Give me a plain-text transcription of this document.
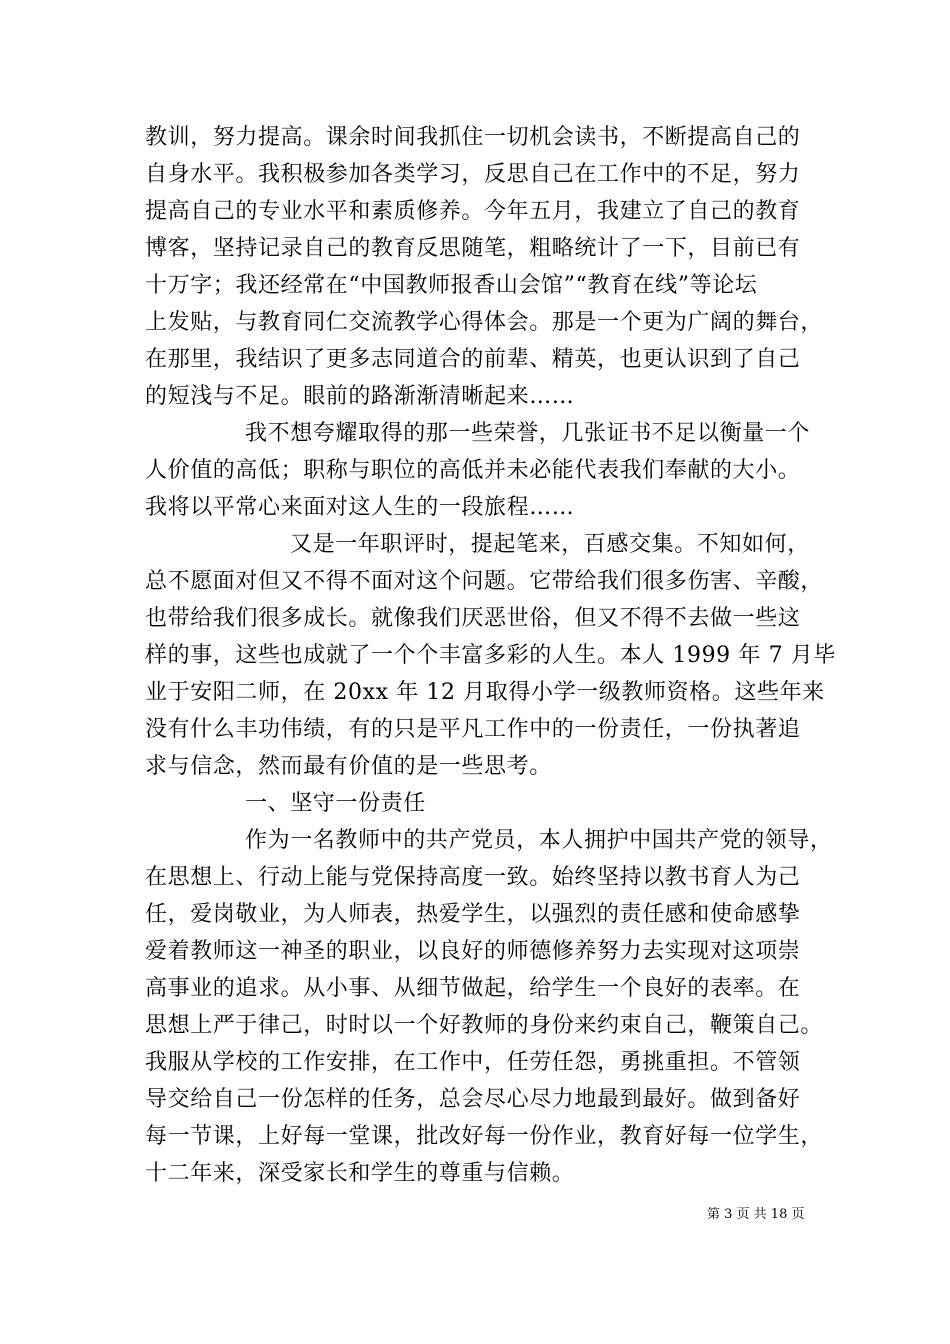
教训，努力提高。课余时间我抓住一切机会读书，不断提高自己的
自身水平。我积极参加各类学习，反思自己在工作中的不足，努力
提高自己的专业水平和素质修养。今年五月，我建立了自己的教育
博客，坚持记录自己的教育反思随笔，粗略统计了一下，目前已有
十万字；我还经常在“中国教师报香山会馆”“教育在线”等论坛
上发贴，与教育同仁交流教学心得体会。那是一个更为广阔的舞台，
在那里，我结识了更多志同道合的前辈、精英，也更认识到了自己
的短浅与不足。眼前的路渐渐清晰起来……
我不想夸耀取得的那一些荣誉，几张证书不足以衡量一个
人价值的高低；职称与职位的高低并未必能代表我们奉献的大小。
我将以平常心来面对这人生的一段旅程……
又是一年职评时，提起笔来，百感交集。不知如何，
总不愿面对但又不得不面对这个问题。它带给我们很多伤害、辛酸，
也带给我们很多成长。就像我们厌恶世俗，但又不得不去做一些这
样的事，这些也成就了一个个丰富多彩的人生。本人 1999 年 7 月毕
业于安阳二师，在 20xx 年 12 月取得小学一级教师资格。这些年来
没有什么丰功伟绩，有的只是平凡工作中的一份责任，一份执著追
求与信念，然而最有价值的是一些思考。
一、坚守一份责任
作为一名教师中的共产党员，本人拥护中国共产党的领导，
在思想上、行动上能与党保持高度一致。始终坚持以教书育人为己
任，爱岗敬业，为人师表，热爱学生，以强烈的责任感和使命感挚
爱着教师这一神圣的职业，以良好的师德修养努力去实现对这项崇
高事业的追求。从小事、从细节做起，给学生一个良好的表率。在
思想上严于律己，时时以一个好教师的身份来约束自己，鞭策自己。
我服从学校的工作安排，在工作中，任劳任怨，勇挑重担。不管领
导交给自己一份怎样的任务，总会尽心尽力地最到最好。做到备好
每一节课，上好每一堂课，批改好每一份作业，教育好每一位学生，
十二年来，深受家长和学生的尊重与信赖。
第 3 页 共 18 页
